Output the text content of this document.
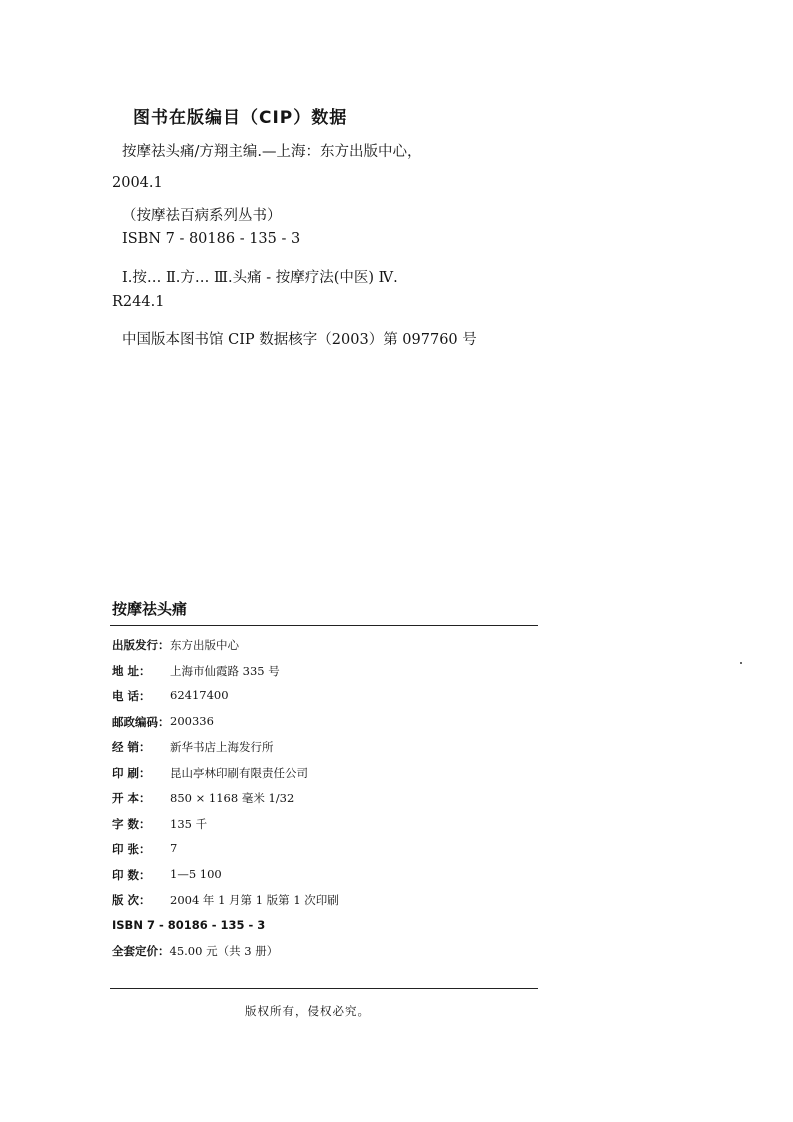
图书在版编目（CIP）数据
按摩祛头痛/方翔主编.—上海：东方出版中心，
2004.1
（按摩祛百病系列丛书）
ISBN 7 - 80186 - 135 - 3
Ⅰ.按… Ⅱ.方… Ⅲ.头痛 - 按摩疗法(中医) Ⅳ.
R244.1
中国版本图书馆 CIP 数据核字（2003）第 097760 号
按摩祛头痛
出版发行： 东方出版中心
地 址：	上海市仙霞路 335 号
电 话：	62417400
邮政编码： 200336
经 销：	新华书店上海发行所
印 刷：	昆山亭林印刷有限责任公司
开 本：	850 × 1168 毫米 1/32
字 数：	135 千
印 张：	7
印 数：	1—5 100
版 次：	2004 年 1 月第 1 版第 1 次印刷
ISBN 7 - 80186 - 135 - 3
全套定价：45.00 元（共 3 册）
版权所有，侵权必究。
